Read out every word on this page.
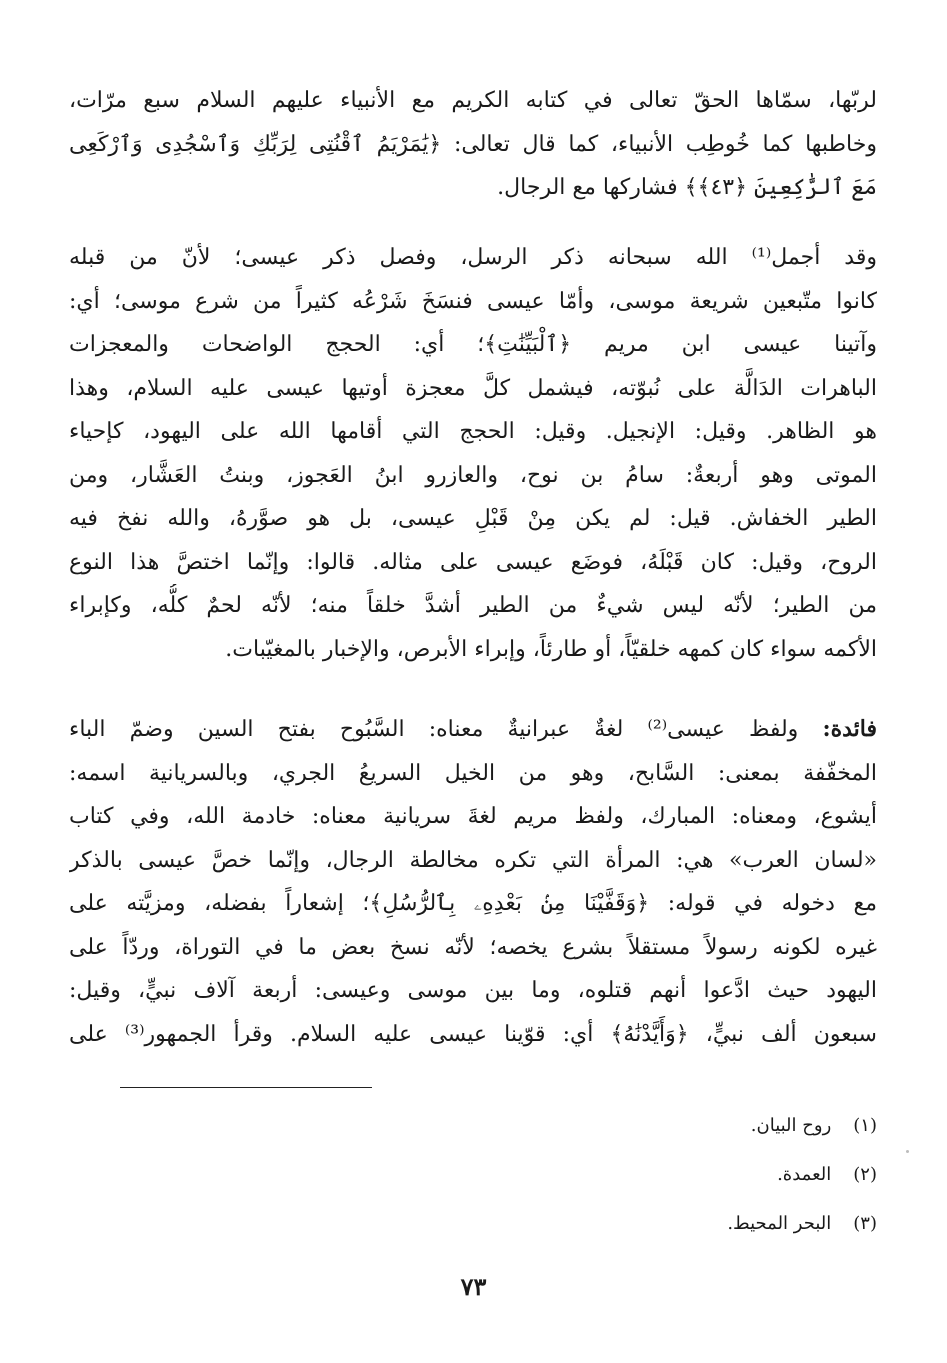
لربّها، سمّاها الحقّ تعالى في كتابه الكريم مع الأنبياء عليهم السلام سبع مرّات،
وخاطبها كما خُوطِب الأنبياء، كما قال تعالى: ﴿يَٰمَرْيَمُ ٱقْنُتِى لِرَبِّكِ وَٱسْجُدِى وَٱرْكَعِى
مَعَ ٱلرَّٰكِعِينَ ﴿٤٣﴾﴾ فشاركها مع الرجال.
وقد أجمل⁽¹⁾ الله سبحانه ذكر الرسل، وفصل ذكر عيسى؛ لأنّ من قبله
كانوا متّبعين شريعة موسى، وأمّا عيسى فنسَخَ شَرْعُه كثيراً من شرع موسى؛ أي:
وآتينا عيسى ابن مريم ﴿ٱلْبَيِّنَٰتِ﴾؛ أي: الحجج الواضحات والمعجزات
الباهرات الدَالَّة على نُبوّته، فيشمل كلَّ معجزة أوتيها عيسى عليه السلام، وهذا
هو الظاهر. وقيل: الإنجيل. وقيل: الحجج التي أقامها الله على اليهود، كإحياء
الموتى وهو أربعةٌ: سامُ بن نوح، والعازرو ابنُ العَجوز، وبنتُ العَشَّار، ومن
الطير الخفاش. قيل: لم يكن مِنْ قَبْلِ عيسى، بل هو صوَّرهُ، والله نفخ فيه
الروح، وقيل: كان قَبْلَهُ، فوضَع عيسى على مثاله. قالوا: وإنّما اختصَّ هذا النوع
من الطير؛ لأنّه ليس شيءٌ من الطير أشدَّ خلقاً منه؛ لأنّه لحمٌ كلُّه، وكإبراء
الأكمه سواء كان كمهه خلقيّاً، أو طارئاً، وإبراء الأبرص، والإخبار بالمغيّبات.
فائدة: ولفظ عيسى⁽²⁾ لغةٌ عبرانيةٌ معناه: السَّبُوح بفتح السين وضمّ الباء
المخفّفة بمعنى: السَّابح، وهو من الخيل السريعُ الجري، وبالسريانية اسمه:
أيشوع، ومعناه: المبارك، ولفظ مريم لغةَ سريانية معناه: خادمة الله، وفي كتاب
«لسان العرب» هي: المرأة التي تكره مخالطة الرجال، وإنّما خصَّ عيسى بالذكر
مع دخوله في قوله: ﴿وَقَفَّيْنَا مِنۢ بَعْدِهِۦ بِٱلرُّسُلِ﴾؛ إشعاراً بفضله، ومزيَّته على
غيره لكونه رسولاً مستقلاً بشرع يخصه؛ لأنّه نسخ بعض ما في التوراة، وردّاً على
اليهود حيث ادَّعوا أنهم قتلوه، وما بين موسى وعيسى: أربعة آلاف نبيٍّ، وقيل:
سبعون ألف نبيٍّ، ﴿وَأَيَّدْنَٰهُ﴾ أي: قوّينا عيسى عليه السلام. وقرأ الجمهور⁽³⁾ على
(١) روح البيان.
(٢) العمدة.
(٣) البحر المحيط.
٧٣
